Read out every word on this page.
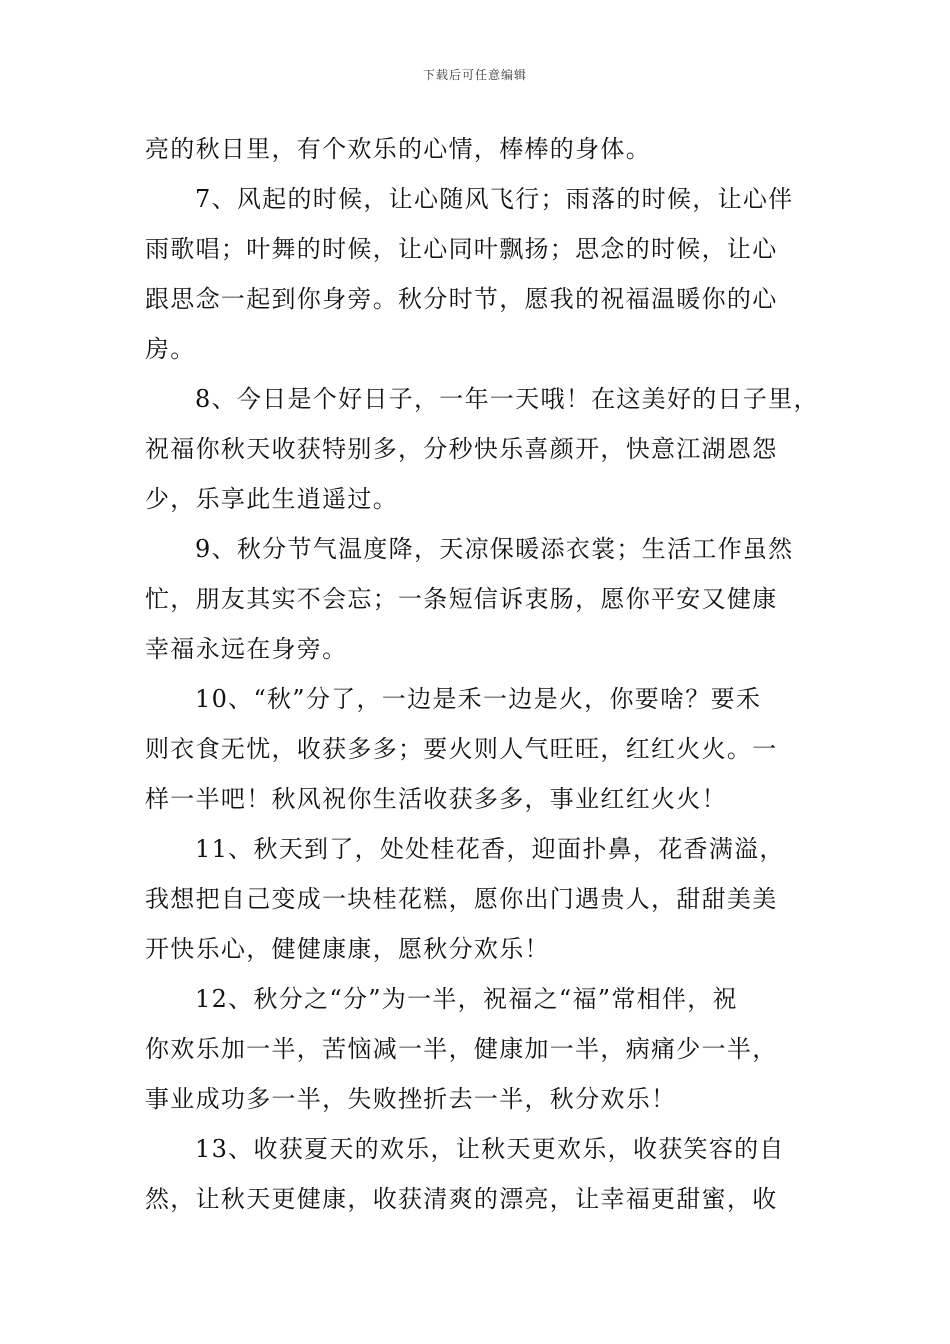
下载后可任意编辑
亮的秋日里，有个欢乐的心情，棒棒的身体。
7、风起的时候，让心随风飞行；雨落的时候，让心伴
雨歌唱；叶舞的时候，让心同叶飘扬；思念的时候，让心
跟思念一起到你身旁。秋分时节，愿我的祝福温暖你的心
房。
8、今日是个好日子，一年一天哦！在这美好的日子里，
祝福你秋天收获特别多，分秒快乐喜颜开，快意江湖恩怨
少，乐享此生逍遥过。
9、秋分节气温度降，天凉保暖添衣裳；生活工作虽然
忙，朋友其实不会忘；一条短信诉衷肠，愿你平安又健康
幸福永远在身旁。
10、“秋”分了，一边是禾一边是火，你要啥？要禾
则衣食无忧，收获多多；要火则人气旺旺，红红火火。一
样一半吧！秋风祝你生活收获多多，事业红红火火！
11、秋天到了，处处桂花香，迎面扑鼻，花香满溢，
我想把自己变成一块桂花糕，愿你出门遇贵人，甜甜美美
开快乐心，健健康康，愿秋分欢乐！
12、秋分之“分”为一半，祝福之“福”常相伴，祝
你欢乐加一半，苦恼减一半，健康加一半，病痛少一半，
事业成功多一半，失败挫折去一半，秋分欢乐！
13、收获夏天的欢乐，让秋天更欢乐，收获笑容的自
然，让秋天更健康，收获清爽的漂亮，让幸福更甜蜜，收
